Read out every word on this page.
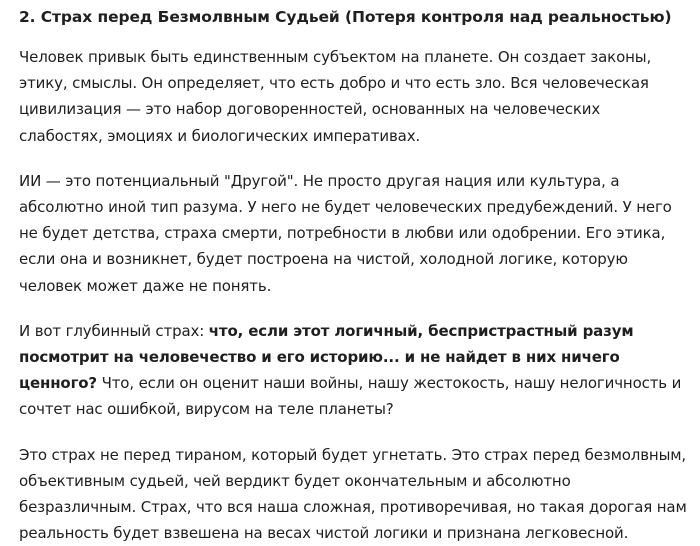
2. Страх перед Безмолвным Судьей (Потеря контроля над реальностью)

Человек привык быть единственным субъектом на планете. Он создает законы, этику, смыслы. Он определяет, что есть добро и что есть зло. Вся человеческая цивилизация — это набор договоренностей, основанных на человеческих слабостях, эмоциях и биологических императивах.

ИИ — это потенциальный "Другой". Не просто другая нация или культура, а абсолютно иной тип разума. У него не будет человеческих предубеждений. У него не будет детства, страха смерти, потребности в любви или одобрении. Его этика, если она и возникнет, будет построена на чистой, холодной логике, которую человек может даже не понять.

И вот глубинный страх: что, если этот логичный, беспристрастный разум посмотрит на человечество и его историю... и не найдет в них ничего ценного? Что, если он оценит наши войны, нашу жестокость, нашу нелогичность и сочтет нас ошибкой, вирусом на теле планеты?

Это страх не перед тираном, который будет угнетать. Это страх перед безмолвным, объективным судьей, чей вердикт будет окончательным и абсолютно безразличным. Страх, что вся наша сложная, противоречивая, но такая дорогая нам реальность будет взвешена на весах чистой логики и признана легковесной.
